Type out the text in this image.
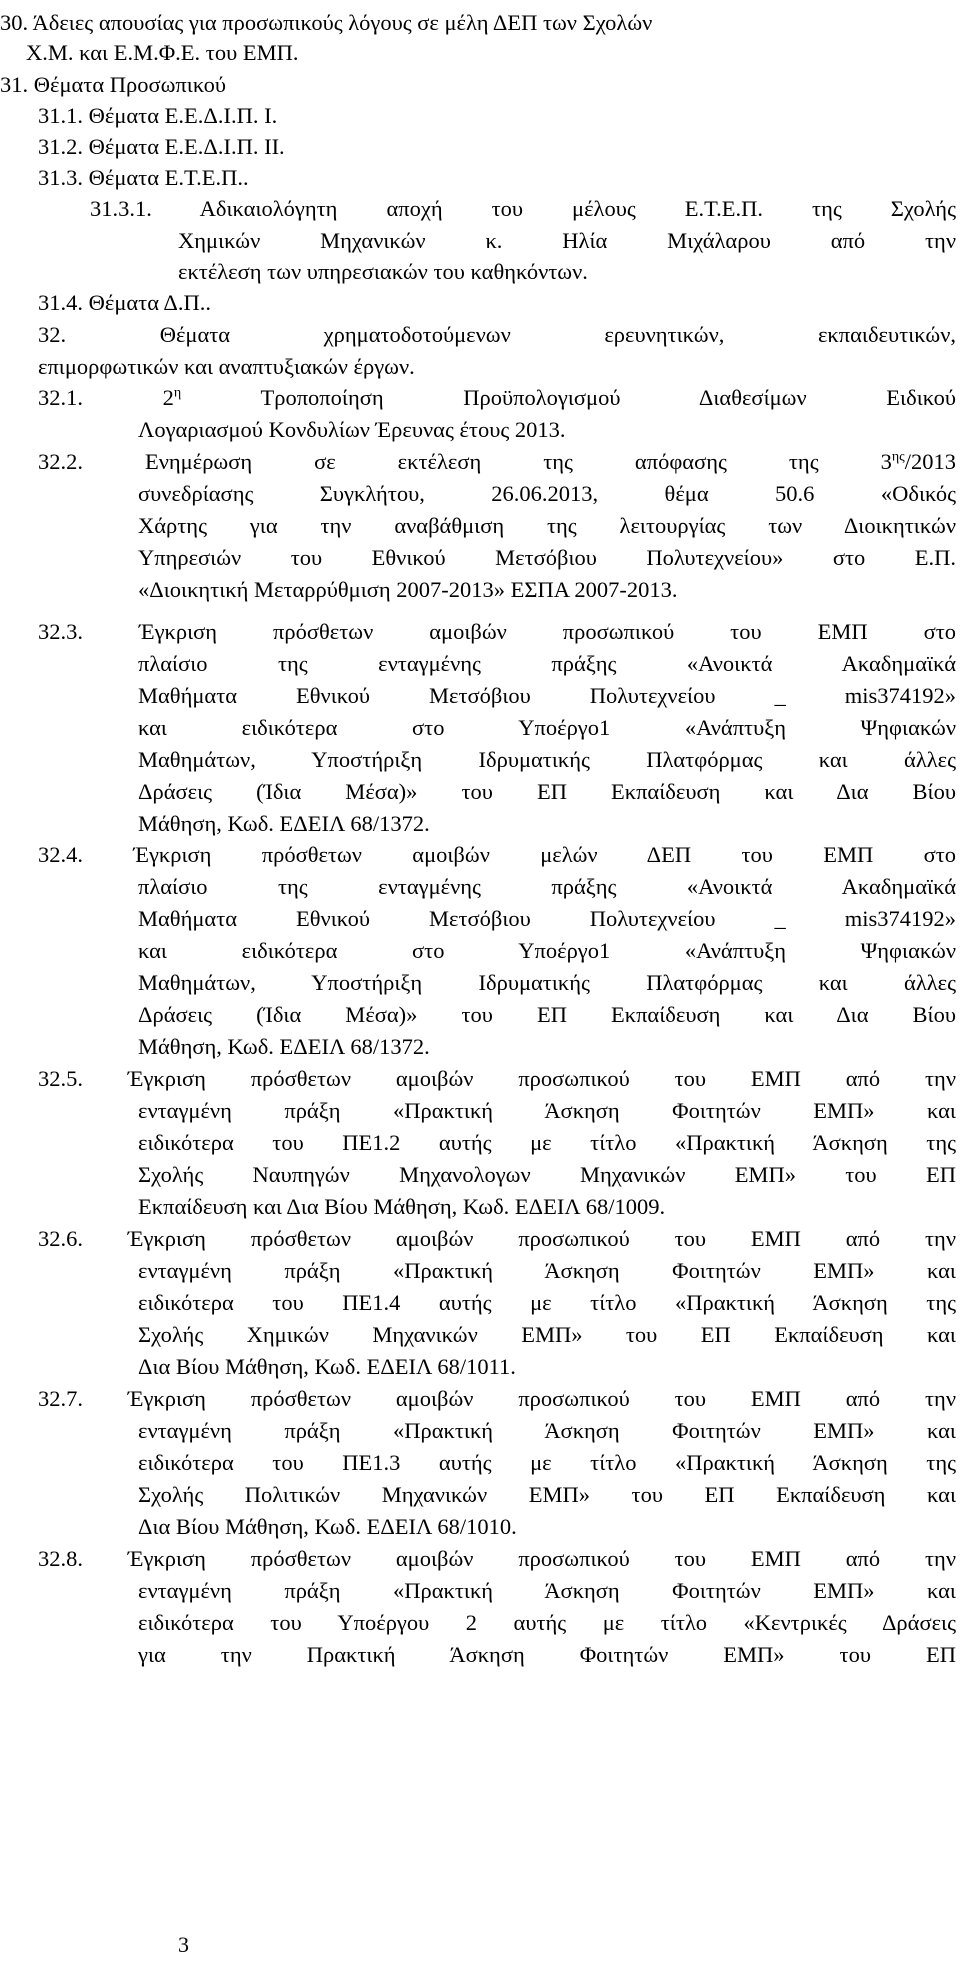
30. Άδειες απουσίας για προσωπικούς λόγους σε μέλη ΔΕΠ των Σχολών
Χ.Μ. και Ε.Μ.Φ.Ε. του ΕΜΠ.
31. Θέματα Προσωπικού
31.1. Θέματα Ε.Ε.Δ.Ι.Π. Ι.
31.2. Θέματα Ε.Ε.Δ.Ι.Π. ΙΙ.
31.3. Θέματα Ε.Τ.Ε.Π..
31.3.1. Αδικαιολόγητη αποχή του μέλους Ε.Τ.Ε.Π. της Σχολής
Χημικών Μηχανικών κ. Ηλία Μιχάλαρου από την
εκτέλεση των υπηρεσιακών του καθηκόντων.
31.4. Θέματα Δ.Π..
32. Θέματα χρηματοδοτούμενων ερευνητικών, εκπαιδευτικών,
επιμορφωτικών και αναπτυξιακών έργων.
32.1. $2^\eta$ Τροποποίηση Προϋπολογισμού Διαθεσίμων Ειδικού
Λογαριασμού Κονδυλίων Έρευνας έτους 2013.
32.2. Ενημέρωση σε εκτέλεση της απόφασης της $3^{\eta\varsigma}/2013$
συνεδρίασης Συγκλήτου, 26.06.2013, θέμα 50.6 «Οδικός
Χάρτης για την αναβάθμιση της λειτουργίας των Διοικητικών
Υπηρεσιών του Εθνικού Μετσόβιου Πολυτεχνείου» στο Ε.Π.
«Διοικητική Μεταρρύθμιση 2007-2013» ΕΣΠΑ 2007-2013.
32.3. Έγκριση πρόσθετων αμοιβών προσωπικού του ΕΜΠ στο
πλαίσιο της ενταγμένης πράξης «Ανοικτά Ακαδημαϊκά
Μαθήματα Εθνικού Μετσόβιου Πολυτεχνείου _ mis374192»
και ειδικότερα στο Υποέργο1 «Ανάπτυξη Ψηφιακών
Μαθημάτων, Υποστήριξη Ιδρυματικής Πλατφόρμας και άλλες
Δράσεις (Ίδια Μέσα)» του ΕΠ Εκπαίδευση και Δια Βίου
Μάθηση, Κωδ. ΕΔΕΙΛ 68/1372.
32.4. Έγκριση πρόσθετων αμοιβών μελών ΔΕΠ του ΕΜΠ στο
πλαίσιο της ενταγμένης πράξης «Ανοικτά Ακαδημαϊκά
Μαθήματα Εθνικού Μετσόβιου Πολυτεχνείου _ mis374192»
και ειδικότερα στο Υποέργο1 «Ανάπτυξη Ψηφιακών
Μαθημάτων, Υποστήριξη Ιδρυματικής Πλατφόρμας και άλλες
Δράσεις (Ίδια Μέσα)» του ΕΠ Εκπαίδευση και Δια Βίου
Μάθηση, Κωδ. ΕΔΕΙΛ 68/1372.
32.5. Έγκριση πρόσθετων αμοιβών προσωπικού του ΕΜΠ από την
ενταγμένη πράξη «Πρακτική Άσκηση Φοιτητών ΕΜΠ» και
ειδικότερα του ΠΕ1.2 αυτής με τίτλο «Πρακτική Άσκηση της
Σχολής Ναυπηγών Μηχανολογων Μηχανικών ΕΜΠ» του ΕΠ
Εκπαίδευση και Δια Βίου Μάθηση, Κωδ. ΕΔΕΙΛ 68/1009.
32.6. Έγκριση πρόσθετων αμοιβών προσωπικού του ΕΜΠ από την
ενταγμένη πράξη «Πρακτική Άσκηση Φοιτητών ΕΜΠ» και
ειδικότερα του ΠΕ1.4 αυτής με τίτλο «Πρακτική Άσκηση της
Σχολής Χημικών Μηχανικών ΕΜΠ» του ΕΠ Εκπαίδευση και
Δια Βίου Μάθηση, Κωδ. ΕΔΕΙΛ 68/1011.
32.7. Έγκριση πρόσθετων αμοιβών προσωπικού του ΕΜΠ από την
ενταγμένη πράξη «Πρακτική Άσκηση Φοιτητών ΕΜΠ» και
ειδικότερα του ΠΕ1.3 αυτής με τίτλο «Πρακτική Άσκηση της
Σχολής Πολιτικών Μηχανικών ΕΜΠ» του ΕΠ Εκπαίδευση και
Δια Βίου Μάθηση, Κωδ. ΕΔΕΙΛ 68/1010.
32.8. Έγκριση πρόσθετων αμοιβών προσωπικού του ΕΜΠ από την
ενταγμένη πράξη «Πρακτική Άσκηση Φοιτητών ΕΜΠ» και
ειδικότερα του Υποέργου 2 αυτής με τίτλο «Κεντρικές Δράσεις
για την Πρακτική Άσκηση Φοιτητών ΕΜΠ» του ΕΠ
3
